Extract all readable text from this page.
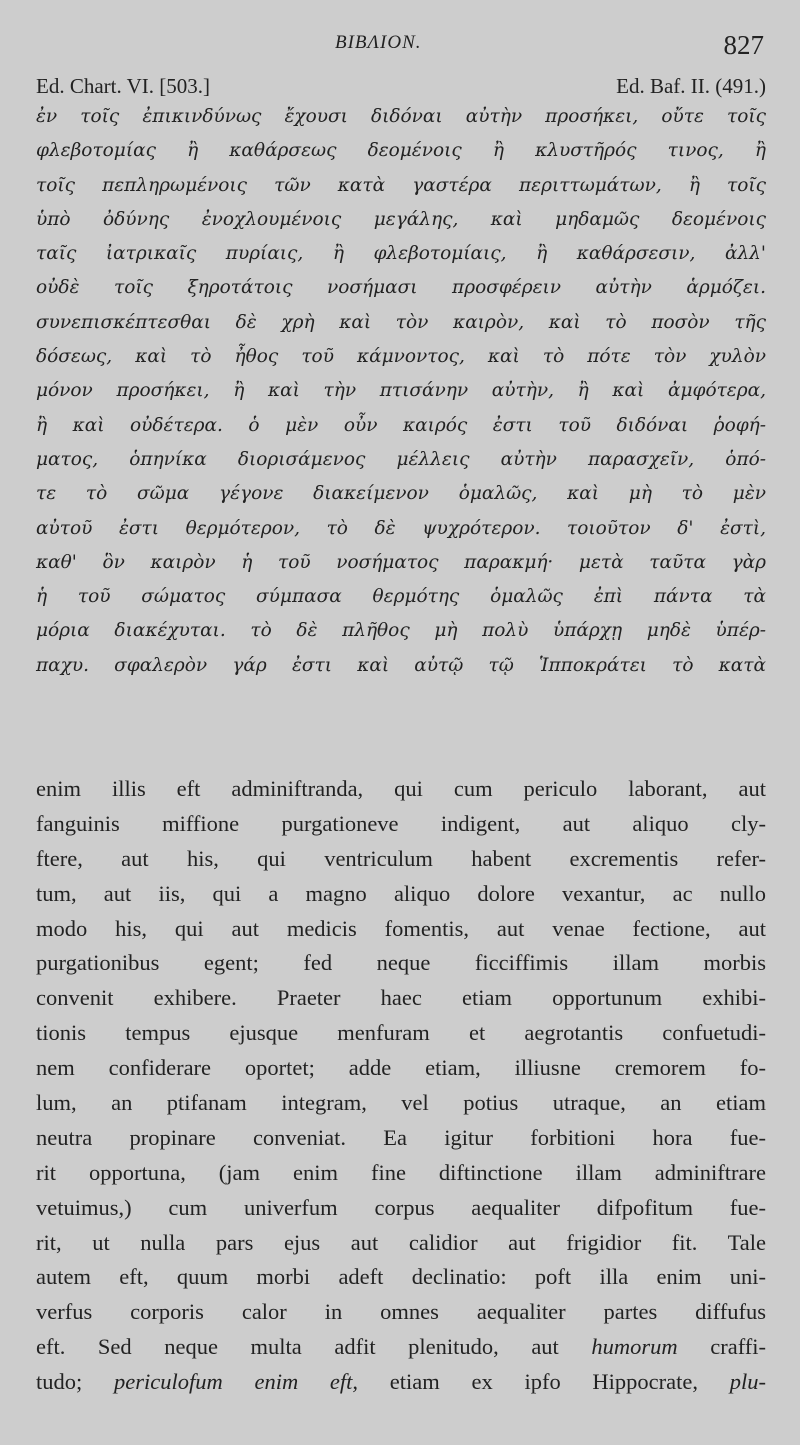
ΒΙΒΛΙΟΝ.	827
Ed. Chart. VI. [503.]	Ed. Baf. II. (491.)
ἐν τοῖς ἐπικινδύνως ἔχουσι διδόναι αὐτὴν προσήκει, οὔτε τοῖς
φλεβοτομίας ἢ καθάρσεως δεομένοις ἢ κλυστῆρός τινος, ἢ
τοῖς πεπληρωμένοις τῶν κατὰ γαστέρα περιττωμάτων, ἢ τοῖς
ὑπὸ ὀδύνης ἐνοχλουμένοις μεγάλης, καὶ μηδαμῶς δεομένοις
ταῖς ἰατρικαῖς πυρίαις, ἢ φλεβοτομίαις, ἢ καθάρσεσιν, ἀλλ'
οὐδὲ τοῖς ξηροτάτοις νοσήμασι προσφέρειν αὐτὴν ἁρμόζει.
συνεπισκέπτεσθαι δὲ χρὴ καὶ τὸν καιρὸν, καὶ τὸ ποσὸν τῆς
δόσεως, καὶ τὸ ἦθος τοῦ κάμνοντος, καὶ τὸ πότε τὸν χυλὸν
μόνον προσήκει, ἢ καὶ τὴν πτισάνην αὐτὴν, ἢ καὶ ἀμφότερα,
ἢ καὶ οὐδέτερα. ὁ μὲν οὖν καιρός ἐστι τοῦ διδόναι ῥοφή-
ματος, ὁπηνίκα διορισάμενος μέλλεις αὐτὴν παρασχεῖν, ὁπό-
τε τὸ σῶμα γέγονε διακείμενον ὁμαλῶς, καὶ μὴ τὸ μὲν
αὐτοῦ ἐστι θερμότερον, τὸ δὲ ψυχρότερον. τοιοῦτον δ' ἐστὶ,
καθ' ὃν καιρὸν ἡ τοῦ νοσήματος παρακμή· μετὰ ταῦτα γὰρ
ἡ τοῦ σώματος σύμπασα θερμότης ὁμαλῶς ἐπὶ πάντα τὰ
μόρια διακέχυται. τὸ δὲ πλῆθος μὴ πολὺ ὑπάρχῃ μηδὲ ὑπέρ-
παχυ. σφαλερὸν γάρ ἐστι καὶ αὐτῷ τῷ Ἱπποκράτει τὸ κατὰ
enim illis eft adminiftranda, qui cum periculo laborant, aut
fanguinis miffione purgationeve indigent, aut aliquo cly-
ftere, aut his, qui ventriculum habent excrementis refer-
tum, aut iis, qui a magno aliquo dolore vexantur, ac nullo
modo his, qui aut medicis fomentis, aut venae fectione, aut
purgationibus egent; fed neque ficciffimis illam morbis
convenit exhibere. Praeter haec etiam opportunum exhibi-
tionis tempus ejusque menfuram et aegrotantis confuetudi-
nem confiderare oportet; adde etiam, illiusne cremorem fo-
lum, an ptifanam integram, vel potius utraque, an etiam
neutra propinare conveniat. Ea igitur forbitioni hora fue-
rit opportuna, (jam enim fine diftinctione illam adminiftrare
vetuimus,) cum univerfum corpus aequaliter difpofitum fue-
rit, ut nulla pars ejus aut calidior aut frigidior fit. Tale
autem eft, quum morbi adeft declinatio: poft illa enim uni-
verfus corporis calor in omnes aequaliter partes diffufus
eft. Sed neque multa adfit plenitudo, aut humorum craffi-
tudo; periculofum enim eft, etiam ex ipfo Hippocrate, plu-
